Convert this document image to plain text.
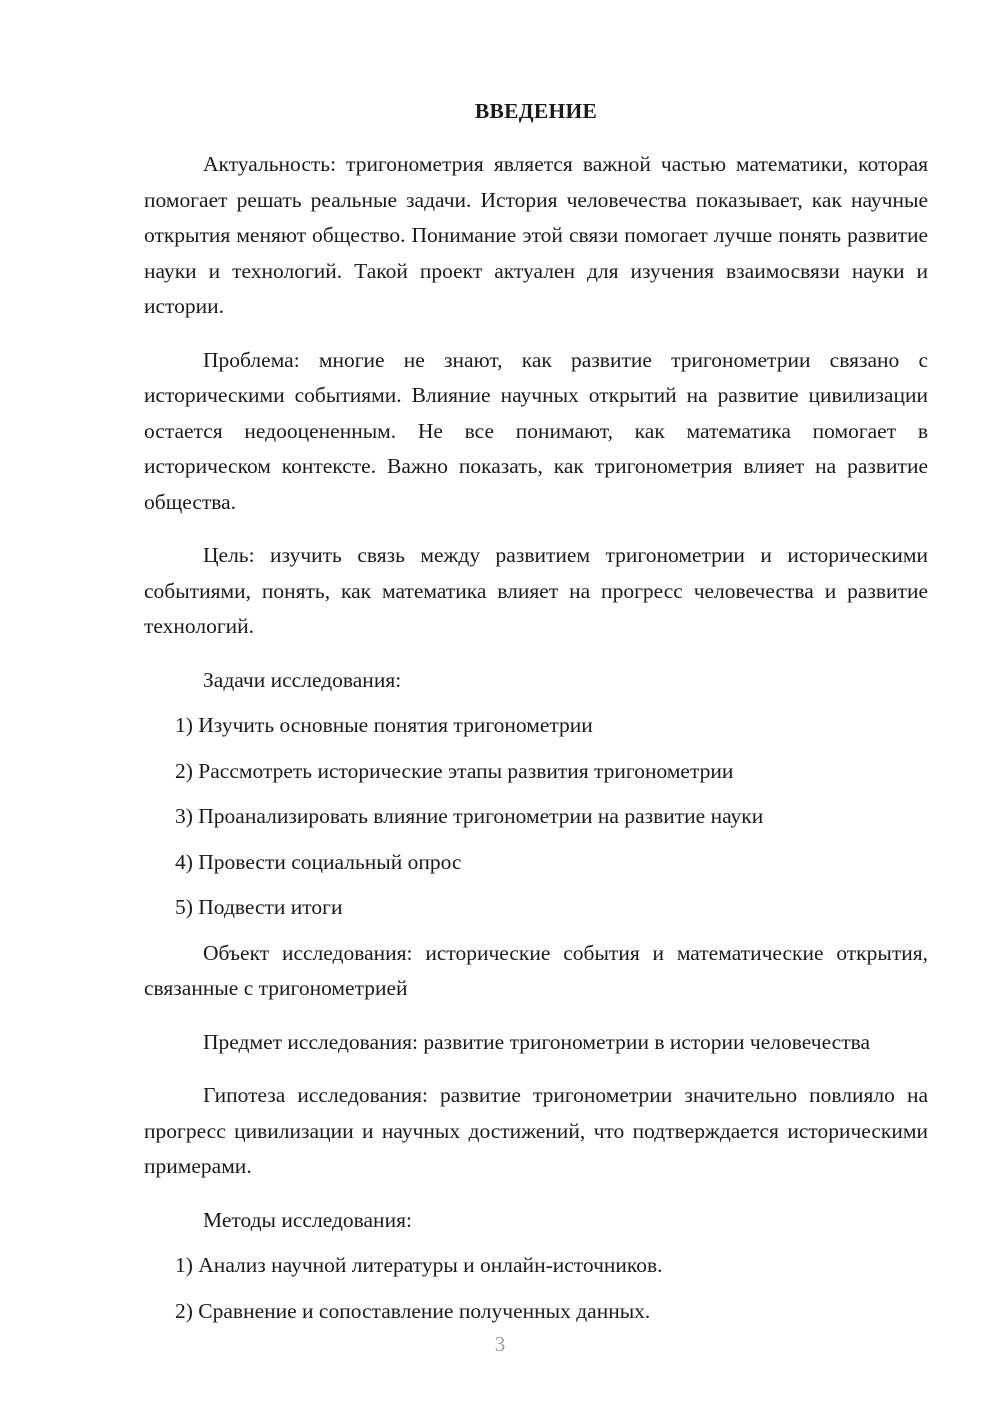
ВВЕДЕНИЕ

Актуальность: тригонометрия является важной частью математики, которая помогает решать реальные задачи. История человечества показывает, как научные открытия меняют общество. Понимание этой связи помогает лучше понять развитие науки и технологий. Такой проект актуален для изучения взаимосвязи науки и истории.

Проблема: многие не знают, как развитие тригонометрии связано с историческими событиями. Влияние научных открытий на развитие цивилизации остается недооцененным. Не все понимают, как математика помогает в историческом контексте. Важно показать, как тригонометрия влияет на развитие общества.

Цель: изучить связь между развитием тригонометрии и историческими событиями, понять, как математика влияет на прогресс человечества и развитие технологий.

Задачи исследования:

1) Изучить основные понятия тригонометрии

2) Рассмотреть исторические этапы развития тригонометрии

3) Проанализировать влияние тригонометрии на развитие науки

4) Провести социальный опрос

5) Подвести итоги

Объект исследования: исторические события и математические открытия, связанные с тригонометрией

Предмет исследования: развитие тригонометрии в истории человечества

Гипотеза исследования: развитие тригонометрии значительно повлияло на прогресс цивилизации и научных достижений, что подтверждается историческими примерами.

Методы исследования:

1) Анализ научной литературы и онлайн-источников.

2) Сравнение и сопоставление полученных данных.

3
